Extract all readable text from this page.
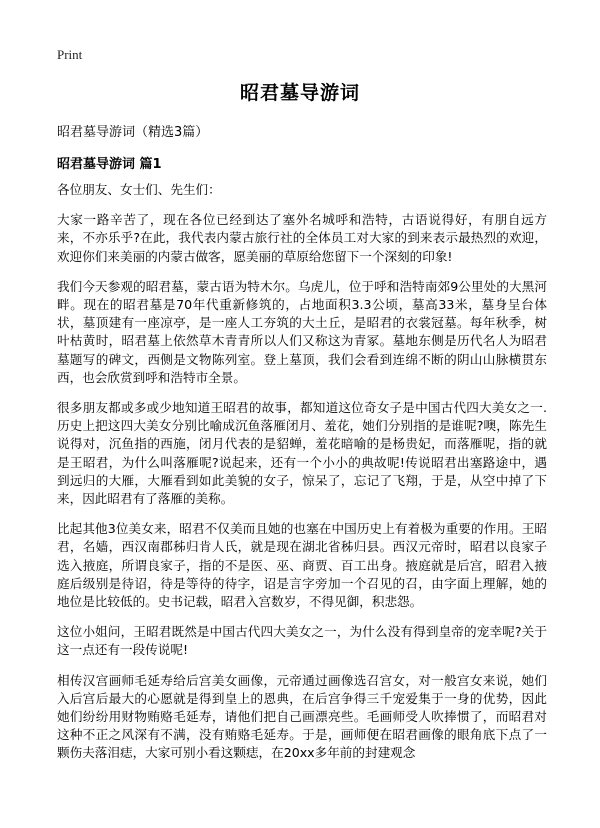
Print
昭君墓导游词
昭君墓导游词（精选3篇）
昭君墓导游词 篇1

各位朋友、女士们、先生们：

大家一路辛苦了，现在各位已经到达了塞外名城呼和浩特，古语说得好，有朋自远方来，不亦乐乎?在此，我代表内蒙古旅行社的全体员工对大家的到来表示最热烈的欢迎，欢迎你们来美丽的内蒙古做客，愿美丽的草原给您留下一个深刻的印象!

我们今天参观的昭君墓，蒙古语为特木尔。乌虎儿，位于呼和浩特南郊9公里处的大黑河畔。现在的昭君墓是70年代重新修筑的，占地面积3.3公顷，墓高33米，墓身呈台体状，墓顶建有一座凉亭，是一座人工夯筑的大土丘，是昭君的衣裳冠墓。每年秋季，树叶枯黄时，昭君墓上依然草木青青所以人们又称这为青冢。墓地东侧是历代名人为昭君墓题写的碑文，西侧是文物陈列室。登上墓顶，我们会看到连绵不断的阴山山脉横贯东西，也会欣赏到呼和浩特市全景。

很多朋友都或多或少地知道王昭君的故事，都知道这位奇女子是中国古代四大美女之一.历史上把这四大美女分别比喻成沉鱼落雁闭月、羞花，她们分别指的是谁呢?噢，陈先生说得对，沉鱼指的西施，闭月代表的是貂蝉，羞花暗喻的是杨贵妃，而落雁呢，指的就是王昭君，为什么叫落雁呢?说起来，还有一个小小的典故呢!传说昭君出塞路途中，遇到远归的大雁，大雁看到如此美貌的女子，惊呆了，忘记了飞翔，于是，从空中掉了下来，因此昭君有了落雁的美称。

比起其他3位美女来，昭君不仅美而且她的也塞在中国历史上有着极为重要的作用。王昭君，名嫱，西汉南郡秭归肯人氏，就是现在湖北省秭归县。西汉元帝时，昭君以良家子选入掖庭，所谓良家子，指的不是医、巫、商贾、百工出身。掖庭就是后宫，昭君入掖庭后级别是待诏，待是等待的待字，诏是言字旁加一个召见的召，由字面上理解，她的地位是比较低的。史书记载，昭君入宫数岁，不得见御，积悲怨。

这位小姐问，王昭君既然是中国古代四大美女之一，为什么没有得到皇帝的宠幸呢?关于这一点还有一段传说呢!

相传汉宫画师毛延寿给后宫美女画像，元帝通过画像选召宫女，对一般宫女来说，她们入后宫后最大的心愿就是得到皇上的恩典，在后宫争得三千宠爱集于一身的优势，因此她们纷纷用财物贿赂毛延寿，请他们把自己画漂亮些。毛画师受人吹捧惯了，而昭君对这种不正之风深有不满，没有贿赂毛延寿。于是，画师便在昭君画像的眼角底下点了一颗伤夫落泪痣，大家可别小看这颗痣，在20xx多年前的封建观念
